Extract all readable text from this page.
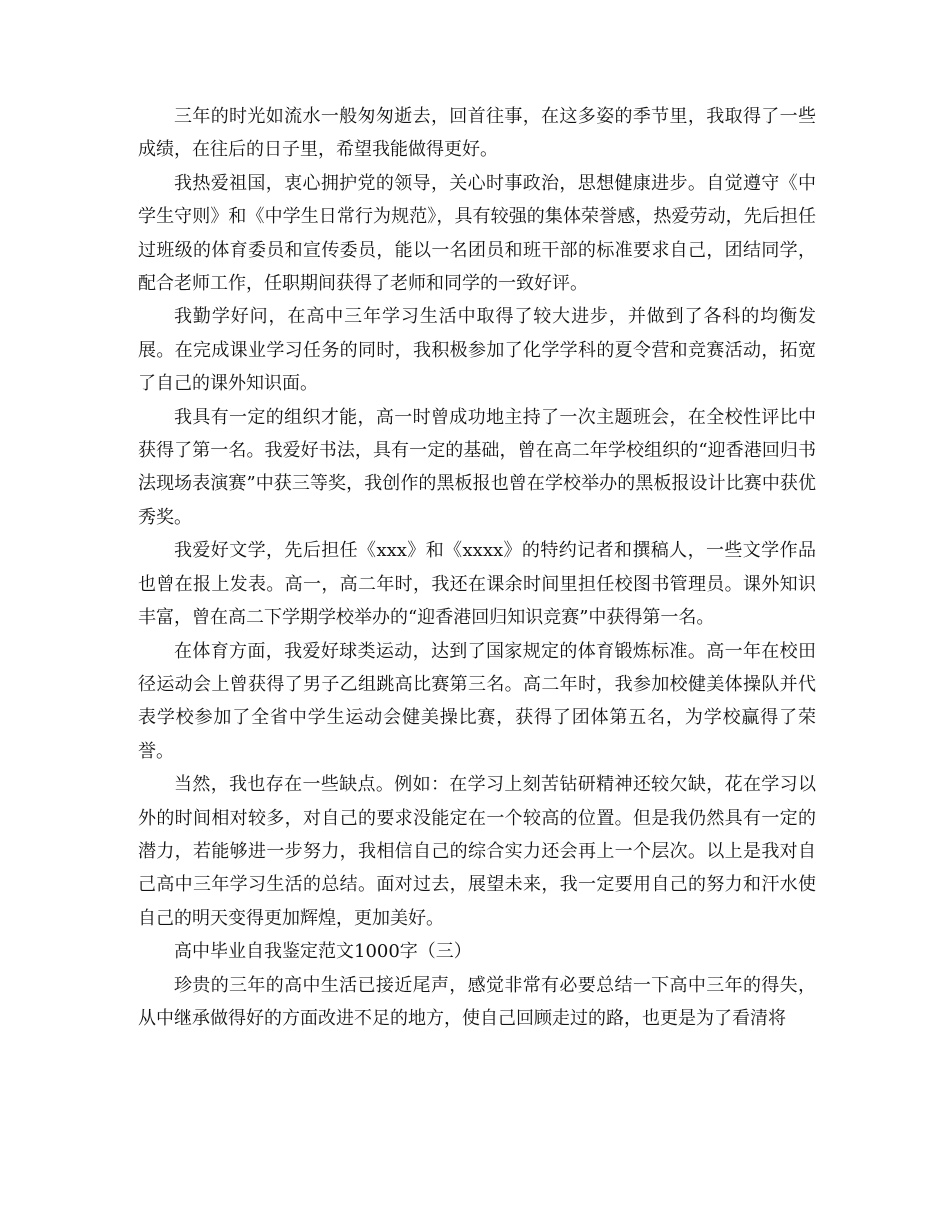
三年的时光如流水一般匆匆逝去，回首往事，在这多姿的季节里，我取得了一些成绩，在往后的日子里，希望我能做得更好。

我热爱祖国，衷心拥护党的领导，关心时事政治，思想健康进步。自觉遵守《中学生守则》和《中学生日常行为规范》，具有较强的集体荣誉感，热爱劳动，先后担任过班级的体育委员和宣传委员，能以一名团员和班干部的标准要求自己，团结同学，配合老师工作，任职期间获得了老师和同学的一致好评。

我勤学好问，在高中三年学习生活中取得了较大进步，并做到了各科的均衡发展。在完成课业学习任务的同时，我积极参加了化学学科的夏令营和竞赛活动，拓宽了自己的课外知识面。

我具有一定的组织才能，高一时曾成功地主持了一次主题班会，在全校性评比中获得了第一名。我爱好书法，具有一定的基础，曾在高二年学校组织的“迎香港回归书法现场表演赛”中获三等奖，我创作的黑板报也曾在学校举办的黑板报设计比赛中获优秀奖。

我爱好文学，先后担任《xxx》和《xxxx》的特约记者和撰稿人，一些文学作品也曾在报上发表。高一，高二年时，我还在课余时间里担任校图书管理员。课外知识丰富，曾在高二下学期学校举办的“迎香港回归知识竞赛”中获得第一名。

在体育方面，我爱好球类运动，达到了国家规定的体育锻炼标准。高一年在校田径运动会上曾获得了男子乙组跳高比赛第三名。高二年时，我参加校健美体操队并代表学校参加了全省中学生运动会健美操比赛，获得了团体第五名，为学校赢得了荣誉。

当然，我也存在一些缺点。例如：在学习上刻苦钻研精神还较欠缺，花在学习以外的时间相对较多，对自己的要求没能定在一个较高的位置。但是我仍然具有一定的潜力，若能够进一步努力，我相信自己的综合实力还会再上一个层次。以上是我对自己高中三年学习生活的总结。面对过去，展望未来，我一定要用自己的努力和汗水使自己的明天变得更加辉煌，更加美好。

高中毕业自我鉴定范文1000字（三）

珍贵的三年的高中生活已接近尾声，感觉非常有必要总结一下高中三年的得失，从中继承做得好的方面改进不足的地方，使自己回顾走过的路，也更是为了看清将
